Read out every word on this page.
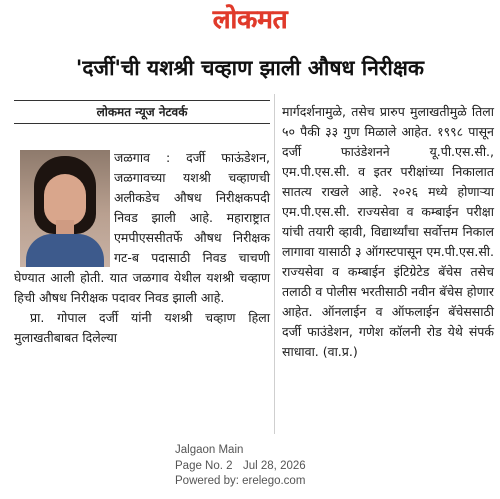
लोकमत
'दर्जी'ची यशश्री चव्हाण झाली औषध निरीक्षक
लोकमत न्यूज नेटवर्क

जळगाव : दर्जी फाऊंडेशन, जळगावच्या यशश्री चव्हाणची अलीकडेच औषध निरीक्षकपदी निवड झाली आहे. महाराष्ट्रात एमपीएससीतर्फे औषध निरीक्षक गट-ब पदासाठी निवड चाचणी घेण्यात आली होती. यात जळगाव येथील यशश्री चव्हाण हिची औषध निरीक्षक पदावर निवड झाली आहे.

प्रा. गोपाल दर्जी यांनी यशश्री चव्हाण हिला मुलाखतीबाबत दिलेल्या

मार्गदर्शनामुळे, तसेच प्रारुप मुलाखतीमुळे तिला ५० पैकी ३३ गुण मिळाले आहेत. १९९८ पासून दर्जी फाउंडेशनने यू.पी.एस.सी., एम.पी.एस.सी. व इतर परीक्षांच्या निकालात सातत्य राखले आहे. २०२६ मध्ये होणाऱ्या एम.पी.एस.सी. राज्यसेवा व कम्बाईन परीक्षा यांची तयारी व्हावी, विद्यार्थ्यांचा सर्वोत्तम निकाल लागावा यासाठी ३ ऑगस्टपासून एम.पी.एस.सी. राज्यसेवा व कम्बाईन इंटिग्रेटेड बॅचेस तसेच तलाठी व पोलीस भरतीसाठी नवीन बॅचेस होणार आहेत. ऑनलाईन व ऑफलाईन बॅचेससाठी दर्जी फाउंडेशन, गणेश कॉलनी रोड येथे संपर्क साधावा. (वा.प्र.)

Jalgaon Main
Page No. 2 Jul 28, 2026
Powered by: erelego.com
